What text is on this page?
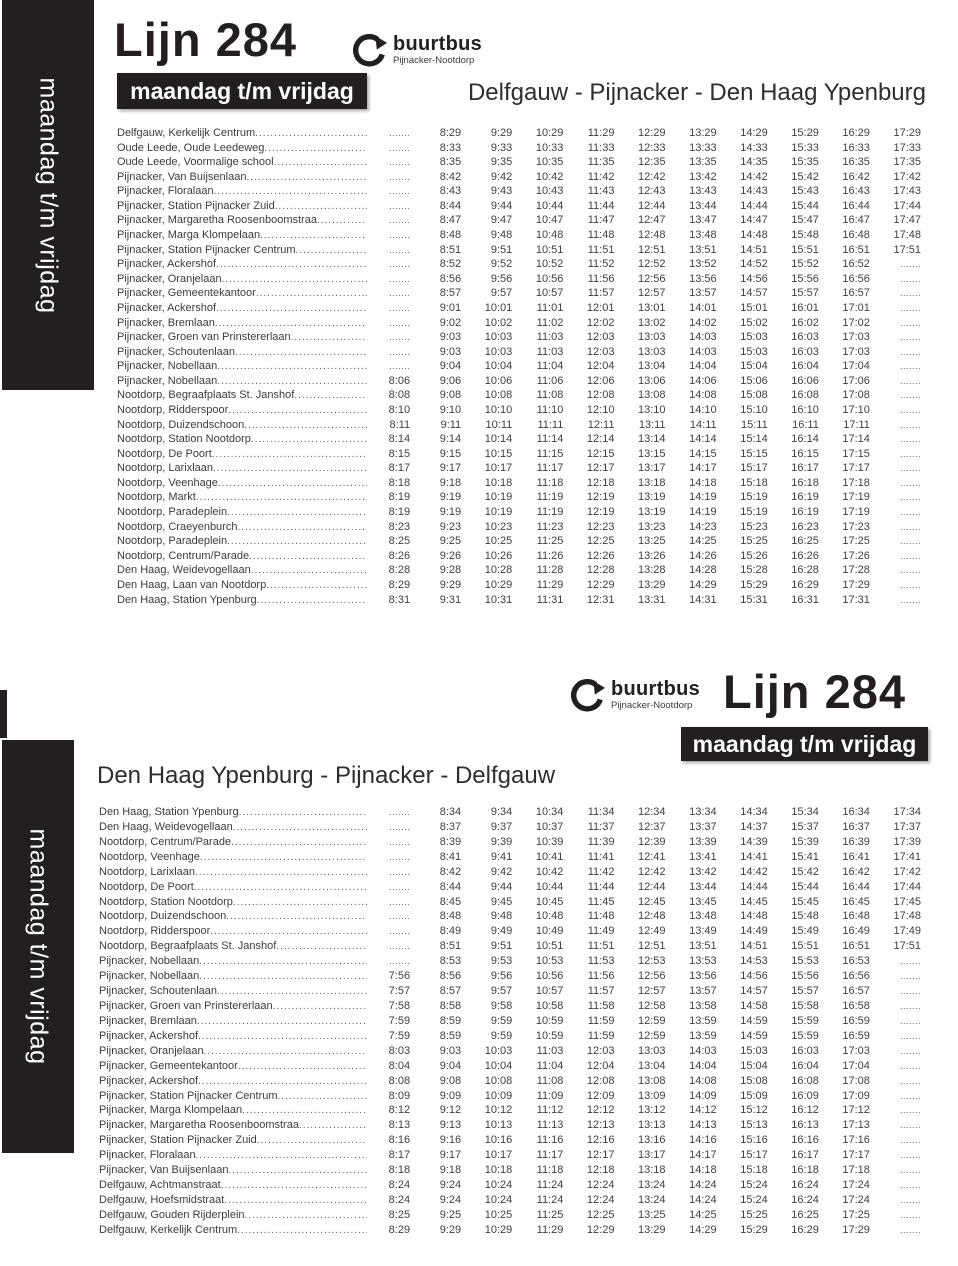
maandag t/m vrijdag
maandag t/m vrijdag
Lijn 284	buurtbus
Pijnacker-Nootdorp
maandag t/m vrijdag	Delfgauw - Pijnacker - Den Haag Ypenburg
Delfgauw, Kerkelijk Centrum .....	.......	8:29	9:29	10:29	11:29	12:29	13:29	14:29	15:29	16:29	17:29
Oude Leede, Oude Leedeweg .....	.......	8:33	9:33	10:33	11:33	12:33	13:33	14:33	15:33	16:33	17:33
Oude Leede, Voormalige school .....	.......	8:35	9:35	10:35	11:35	12:35	13:35	14:35	15:35	16:35	17:35
Pijnacker, Van Buijsenlaan .....	.......	8:42	9:42	10:42	11:42	12:42	13:42	14:42	15:42	16:42	17:42
Pijnacker, Floralaan .....	.......	8:43	9:43	10:43	11:43	12:43	13:43	14:43	15:43	16:43	17:43
Pijnacker, Station Pijnacker Zuid .....	.......	8:44	9:44	10:44	11:44	12:44	13:44	14:44	15:44	16:44	17:44
Pijnacker, Margaretha Roosenboomstraa .....	.......	8:47	9:47	10:47	11:47	12:47	13:47	14:47	15:47	16:47	17:47
Pijnacker, Marga Klompelaan .....	.......	8:48	9:48	10:48	11:48	12:48	13:48	14:48	15:48	16:48	17:48
Pijnacker, Station Pijnacker Centrum .....	.......	8:51	9:51	10:51	11:51	12:51	13:51	14:51	15:51	16:51	17:51
Pijnacker, Ackershof .....	.......	8:52	9:52	10:52	11:52	12:52	13:52	14:52	15:52	16:52	.......
Pijnacker, Oranjelaan .....	.......	8:56	9:56	10:56	11:56	12:56	13:56	14:56	15:56	16:56	.......
Pijnacker, Gemeentekantoor .....	.......	8:57	9:57	10:57	11:57	12:57	13:57	14:57	15:57	16:57	.......
Pijnacker, Ackershof .....	.......	9:01	10:01	11:01	12:01	13:01	14:01	15:01	16:01	17:01	.......
Pijnacker, Bremlaan .....	.......	9:02	10:02	11:02	12:02	13:02	14:02	15:02	16:02	17:02	.......
Pijnacker, Groen van Prinstererlaan .....	.......	9:03	10:03	11:03	12:03	13:03	14:03	15:03	16:03	17:03	.......
Pijnacker, Schoutenlaan .....	.......	9:03	10:03	11:03	12:03	13:03	14:03	15:03	16:03	17:03	.......
Pijnacker, Nobellaan .....	.......	9:04	10:04	11:04	12:04	13:04	14:04	15:04	16:04	17:04	.......
Pijnacker, Nobellaan .....	8:06	9:06	10:06	11:06	12:06	13:06	14:06	15:06	16:06	17:06	.......
Nootdorp, Begraafplaats St. Janshof .....	8:08	9:08	10:08	11:08	12:08	13:08	14:08	15:08	16:08	17:08	.......
Nootdorp, Ridderspoor .....	8:10	9:10	10:10	11:10	12:10	13:10	14:10	15:10	16:10	17:10	.......
Nootdorp, Duizendschoon .....	8:11	9:11	10:11	11:11	12:11	13:11	14:11	15:11	16:11	17:11	.......
Nootdorp, Station Nootdorp .....	8:14	9:14	10:14	11:14	12:14	13:14	14:14	15:14	16:14	17:14	.......
Nootdorp, De Poort .....	8:15	9:15	10:15	11:15	12:15	13:15	14:15	15:15	16:15	17:15	.......
Nootdorp, Larixlaan .....	8:17	9:17	10:17	11:17	12:17	13:17	14:17	15:17	16:17	17:17	.......
Nootdorp, Veenhage .....	8:18	9:18	10:18	11:18	12:18	13:18	14:18	15:18	16:18	17:18	.......
Nootdorp, Markt .....	8:19	9:19	10:19	11:19	12:19	13:19	14:19	15:19	16:19	17:19	.......
Nootdorp, Paradeplein .....	8:19	9:19	10:19	11:19	12:19	13:19	14:19	15:19	16:19	17:19	.......
Nootdorp, Craeyenburch .....	8:23	9:23	10:23	11:23	12:23	13:23	14:23	15:23	16:23	17:23	.......
Nootdorp, Paradeplein .....	8:25	9:25	10:25	11:25	12:25	13:25	14:25	15:25	16:25	17:25	.......
Nootdorp, Centrum/Parade .....	8:26	9:26	10:26	11:26	12:26	13:26	14:26	15:26	16:26	17:26	.......
Den Haag, Weidevogellaan .....	8:28	9:28	10:28	11:28	12:28	13:28	14:28	15:28	16:28	17:28	.......
Den Haag, Laan van Nootdorp .....	8:29	9:29	10:29	11:29	12:29	13:29	14:29	15:29	16:29	17:29	.......
Den Haag, Station Ypenburg .....	8:31	9:31	10:31	11:31	12:31	13:31	14:31	15:31	16:31	17:31	.......
buurtbus
Pijnacker-Nootdorp Lijn 284
maandag t/m vrijdag
Den Haag Ypenburg - Pijnacker - Delfgauw
Den Haag, Station Ypenburg .....	.......	8:34	9:34	10:34	11:34	12:34	13:34	14:34	15:34	16:34	17:34
Den Haag, Weidevogellaan .....	.......	8:37	9:37	10:37	11:37	12:37	13:37	14:37	15:37	16:37	17:37
Nootdorp, Centrum/Parade .....	.......	8:39	9:39	10:39	11:39	12:39	13:39	14:39	15:39	16:39	17:39
Nootdorp, Veenhage .....	.......	8:41	9:41	10:41	11:41	12:41	13:41	14:41	15:41	16:41	17:41
Nootdorp, Larixlaan .....	.......	8:42	9:42	10:42	11:42	12:42	13:42	14:42	15:42	16:42	17:42
Nootdorp, De Poort .....	.......	8:44	9:44	10:44	11:44	12:44	13:44	14:44	15:44	16:44	17:44
Nootdorp, Station Nootdorp .....	.......	8:45	9:45	10:45	11:45	12:45	13:45	14:45	15:45	16:45	17:45
Nootdorp, Duizendschoon .....	.......	8:48	9:48	10:48	11:48	12:48	13:48	14:48	15:48	16:48	17:48
Nootdorp, Ridderspoor .....	.......	8:49	9:49	10:49	11:49	12:49	13:49	14:49	15:49	16:49	17:49
Nootdorp, Begraafplaats St. Janshof .....	.......	8:51	9:51	10:51	11:51	12:51	13:51	14:51	15:51	16:51	17:51
Pijnacker, Nobellaan .....	.......	8:53	9:53	10:53	11:53	12:53	13:53	14:53	15:53	16:53	.......
Pijnacker, Nobellaan .....	7:56	8:56	9:56	10:56	11:56	12:56	13:56	14:56	15:56	16:56	.......
Pijnacker, Schoutenlaan .....	7:57	8:57	9:57	10:57	11:57	12:57	13:57	14:57	15:57	16:57	.......
Pijnacker, Groen van Prinstererlaan .....	7:58	8:58	9:58	10:58	11:58	12:58	13:58	14:58	15:58	16:58	.......
Pijnacker, Bremlaan .....	7:59	8:59	9:59	10:59	11:59	12:59	13:59	14:59	15:59	16:59	.......
Pijnacker, Ackershof .....	7:59	8:59	9:59	10:59	11:59	12:59	13:59	14:59	15:59	16:59	.......
Pijnacker, Oranjelaan .....	8:03	9:03	10:03	11:03	12:03	13:03	14:03	15:03	16:03	17:03	.......
Pijnacker, Gemeentekantoor .....	8:04	9:04	10:04	11:04	12:04	13:04	14:04	15:04	16:04	17:04	.......
Pijnacker, Ackershof .....	8:08	9:08	10:08	11:08	12:08	13:08	14:08	15:08	16:08	17:08	.......
Pijnacker, Station Pijnacker Centrum .....	8:09	9:09	10:09	11:09	12:09	13:09	14:09	15:09	16:09	17:09	.......
Pijnacker, Marga Klompelaan .....	8:12	9:12	10:12	11:12	12:12	13:12	14:12	15:12	16:12	17:12	.......
Pijnacker, Margaretha Roosenboomstraa .....	8:13	9:13	10:13	11:13	12:13	13:13	14:13	15:13	16:13	17:13	.......
Pijnacker, Station Pijnacker Zuid .....	8:16	9:16	10:16	11:16	12:16	13:16	14:16	15:16	16:16	17:16	.......
Pijnacker, Floralaan .....	8:17	9:17	10:17	11:17	12:17	13:17	14:17	15:17	16:17	17:17	.......
Pijnacker, Van Buijsenlaan .....	8:18	9:18	10:18	11:18	12:18	13:18	14:18	15:18	16:18	17:18	.......
Delfgauw, Achtmanstraat .....	8:24	9:24	10:24	11:24	12:24	13:24	14:24	15:24	16:24	17:24	.......
Delfgauw, Hoefsmidstraat .....	8:24	9:24	10:24	11:24	12:24	13:24	14:24	15:24	16:24	17:24	.......
Delfgauw, Gouden Rijderplein .....	8:25	9:25	10:25	11:25	12:25	13:25	14:25	15:25	16:25	17:25	.......
Delfgauw, Kerkelijk Centrum .....	8:29	9:29	10:29	11:29	12:29	13:29	14:29	15:29	16:29	17:29	.......
